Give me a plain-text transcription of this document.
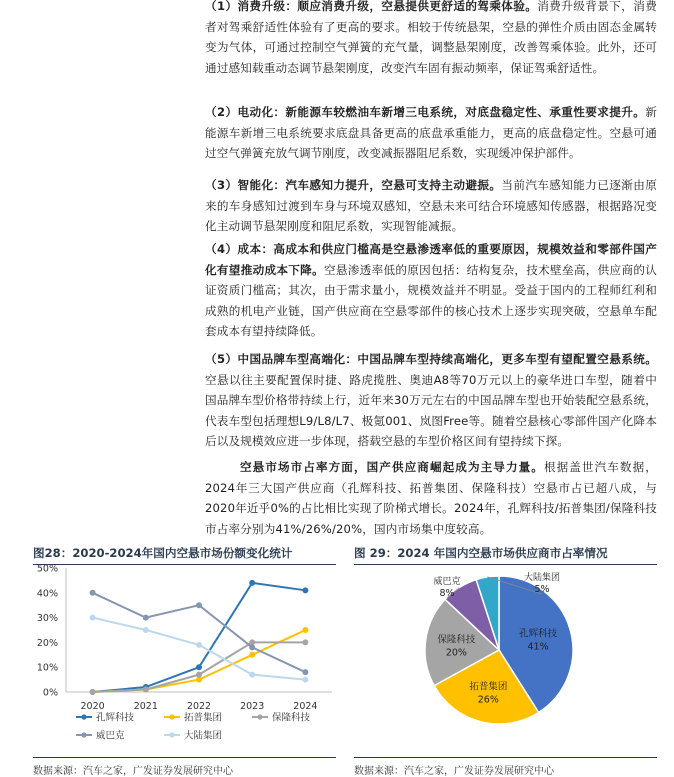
（1）消费升级：顺应消费升级，空悬提供更舒适的驾乘体验。消费升级背景下，消费者对驾乘舒适性体验有了更高的要求。相较于传统悬架，空悬的弹性介质由固态金属转变为气体，可通过控制空气弹簧的充气量，调整悬架刚度，改善驾乘体验。此外，还可通过感知载重动态调节悬架刚度，改变汽车固有振动频率，保证驾乘舒适性。

（2）电动化：新能源车较燃油车新增三电系统，对底盘稳定性、承重性要求提升。新能源车新增三电系统要求底盘具备更高的底盘承重能力，更高的底盘稳定性。空悬可通过空气弹簧充放气调节刚度，改变减振器阻尼系数，实现缓冲保护部件。

（3）智能化：汽车感知力提升，空悬可支持主动避振。当前汽车感知能力已逐渐由原来的车身感知过渡到车身与环境双感知，空悬未来可结合环境感知传感器，根据路况变化主动调节悬架刚度和阻尼系数，实现智能减振。

（4）成本：高成本和供应门槛高是空悬渗透率低的重要原因，规模效益和零部件国产化有望推动成本下降。空悬渗透率低的原因包括：结构复杂，技术壁垒高，供应商的认证资质门槛高；其次，由于需求量小，规模效益并不明显。受益于国内的工程师红利和成熟的机电产业链，国产供应商在空悬零部件的核心技术上逐步实现突破，空悬单车配套成本有望持续降低。

（5）中国品牌车型高端化：中国品牌车型持续高端化，更多车型有望配置空悬系统。空悬以往主要配置保时捷、路虎揽胜、奥迪A8等70万元以上的豪华进口车型，随着中国品牌车型价格带持续上行，近年来30万元左右的中国品牌车型也开始装配空悬系统，代表车型包括理想L9/L8/L7、极氪001、岚图Free等。随着空悬核心零部件国产化降本后以及规模效应进一步体现，搭载空悬的车型价格区间有望持续下探。

空悬市场市占率方面，国产供应商崛起成为主导力量。根据盖世汽车数据，2024年三大国产供应商（孔辉科技、拓普集团、保隆科技）空悬市占已超八成，与2020年近乎0%的占比相比实现了阶梯式增长。2024年，孔辉科技/拓普集团/保隆科技市占率分别为41%/26%/20%，国内市场集中度较高。

图28：2020-2024年国内空悬市场份额变化统计
0%
10%
20%
30%
40%
50%
2020	2021	2022	2023	2024
孔辉科技	拓普集团	保隆科技
威巴克	大陆集团
数据来源：汽车之家，广发证券发展研究中心
图 29：2024 年国内空悬市场供应商市占率情况
孔辉科技
41%
拓普集团
26%
保隆科技
20%
威巴克
8%
大陆集团
5%
数据来源：汽车之家，广发证券发展研究中心
